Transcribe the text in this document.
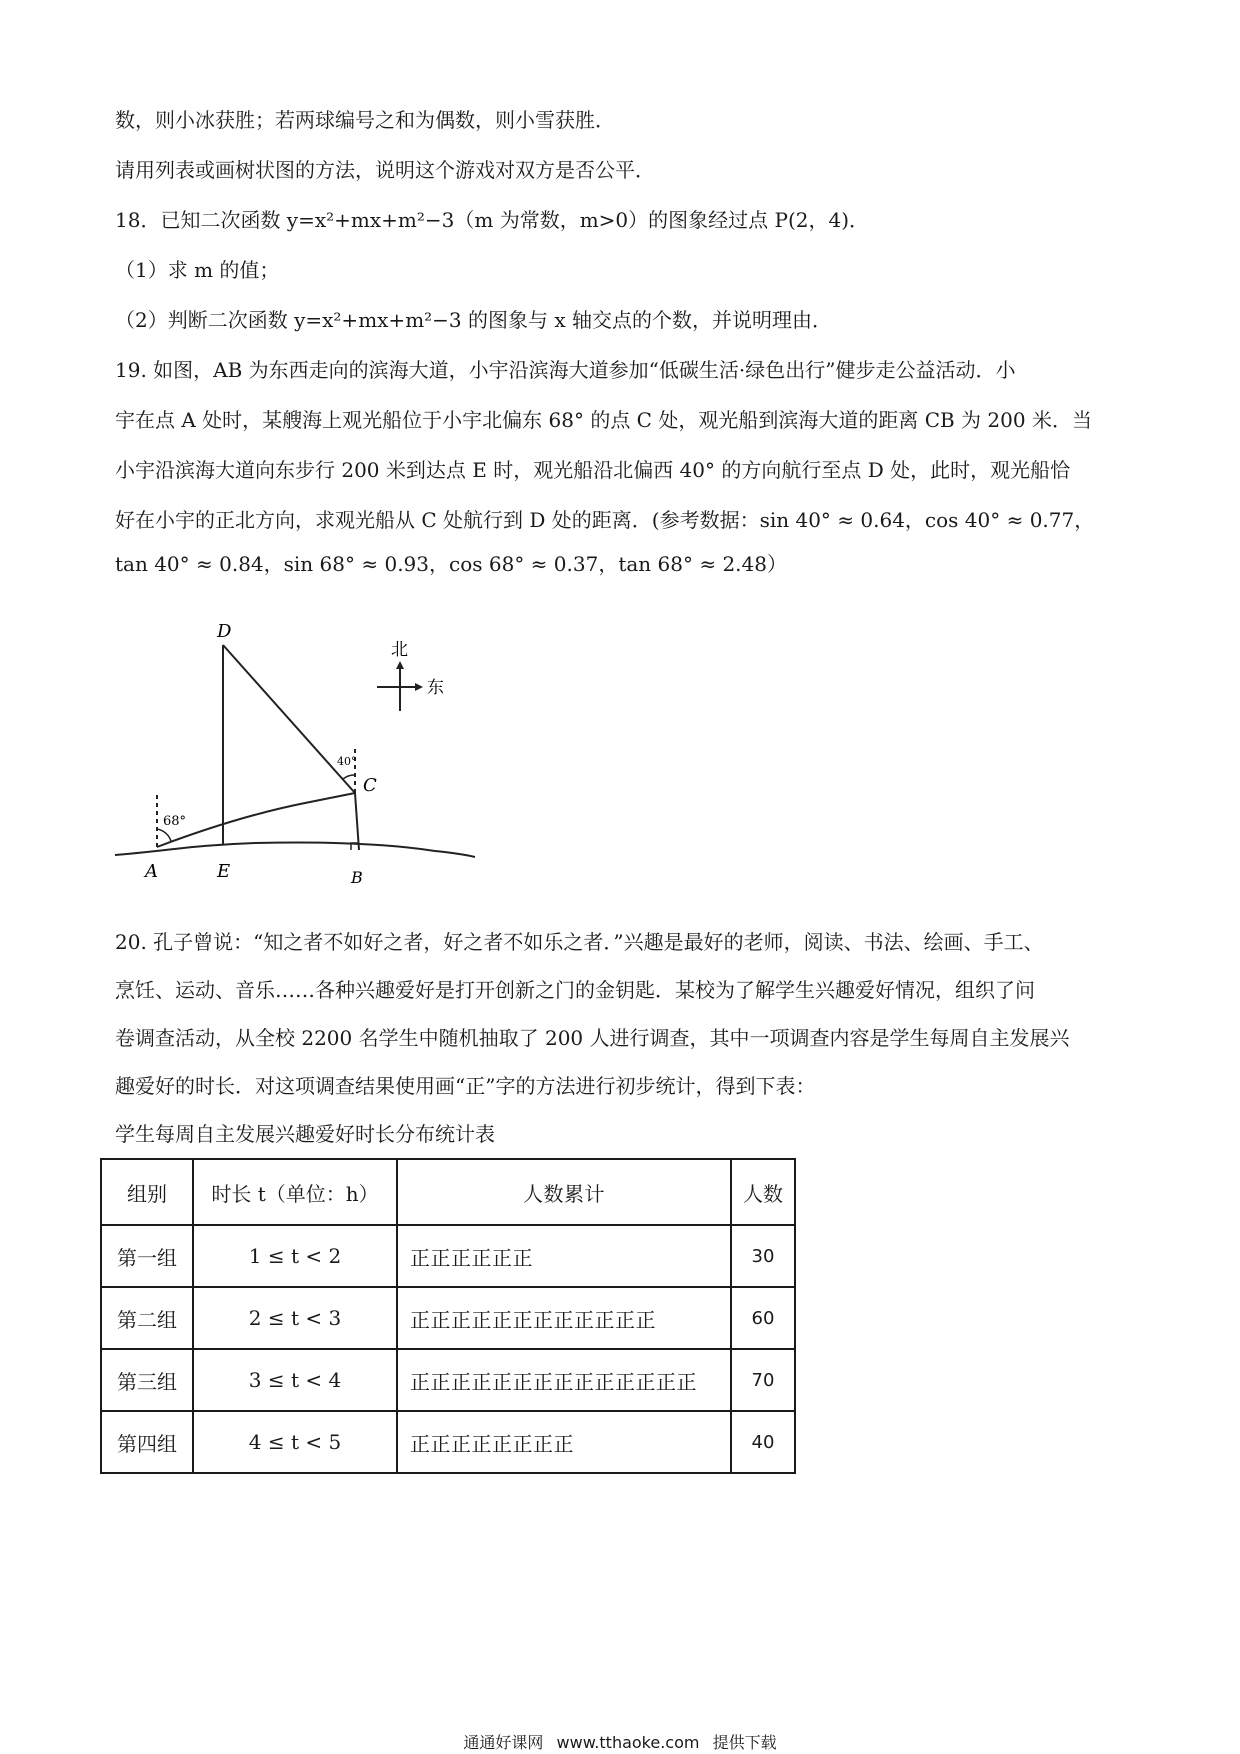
数，则小冰获胜；若两球编号之和为偶数，则小雪获胜．
请用列表或画树状图的方法，说明这个游戏对双方是否公平．
18．已知二次函数 y=x²+mx+m²−3（m 为常数，m>0）的图象经过点 P(2，4)．
（1）求 m 的值；
（2）判断二次函数 y=x²+mx+m²−3 的图象与 x 轴交点的个数，并说明理由．
19. 如图，AB 为东西走向的滨海大道，小宇沿滨海大道参加“低碳生活·绿色出行”健步走公益活动．小
宇在点 A 处时，某艘海上观光船位于小宇北偏东 68° 的点 C 处，观光船到滨海大道的距离 CB 为 200 米．当
小宇沿滨海大道向东步行 200 米到达点 E 时，观光船沿北偏西 40° 的方向航行至点 D 处，此时，观光船恰
好在小宇的正北方向，求观光船从 C 处航行到 D 处的距离．(参考数据：sin 40° ≈ 0.64，cos 40° ≈ 0.77，
tan 40° ≈ 0.84，sin 68° ≈ 0.93，cos 68° ≈ 0.37，tan 68° ≈ 2.48）
D
C
A	E	B
68°
40°
北
东
20. 孔子曾说：“知之者不如好之者，好之者不如乐之者．”兴趣是最好的老师，阅读、书法、绘画、手工、
烹饪、运动、音乐……各种兴趣爱好是打开创新之门的金钥匙．某校为了解学生兴趣爱好情况，组织了问
卷调查活动，从全校 2200 名学生中随机抽取了 200 人进行调查，其中一项调查内容是学生每周自主发展兴
趣爱好的时长．对这项调查结果使用画“正”字的方法进行初步统计，得到下表：
学生每周自主发展兴趣爱好时长分布统计表
组别	时长 t（单位：h）	人数累计	人数
第一组	1 ≤ t < 2	正正正正正正	30
第二组	2 ≤ t < 3	正正正正正正正正正正正正	60
第三组	3 ≤ t < 4	正正正正正正正正正正正正正正	70
第四组	4 ≤ t < 5	正正正正正正正正	40
通通好课网 www.tthaoke.com 提供下载
